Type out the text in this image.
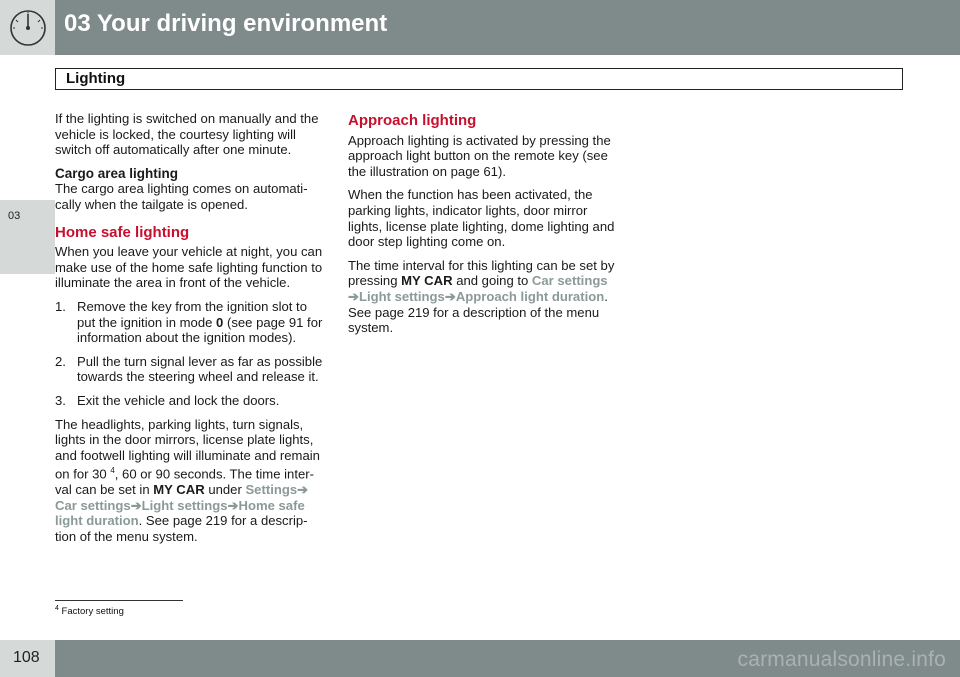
03 Your driving environment
Lighting
03

If the lighting is switched on manually and the vehicle is locked, the courtesy lighting will switch off automatically after one minute.

Cargo area lighting

The cargo area lighting comes on automati-cally when the tailgate is opened.

Home safe lighting

When you leave your vehicle at night, you can make use of the home safe lighting function to illuminate the area in front of the vehicle.

1. Remove the key from the ignition slot to put the ignition in mode 0 (see page 91 for information about the ignition modes).
2. Pull the turn signal lever as far as possible towards the steering wheel and release it.
3. Exit the vehicle and lock the doors.

The headlights, parking lights, turn signals, lights in the door mirrors, license plate lights, and footwell lighting will illuminate and remain on for 30 $^4$, 60 or 90 seconds. The time inter-val can be set in MY CAR under Settings➔
Car settings➔Light settings➔Home safe light duration. See page 219 for a descrip-tion of the menu system.

Approach lighting

Approach lighting is activated by pressing the approach light button on the remote key (see the illustration on page 61).

When the function has been activated, the parking lights, indicator lights, door mirror lights, license plate lighting, dome lighting and door step lighting come on.

The time interval for this lighting can be set by pressing MY CAR and going to Car settings
➔Light settings➔Approach light duration. See page 219 for a description of the menu system.

$^4$ Factory setting
108	carmanualsonline.info
